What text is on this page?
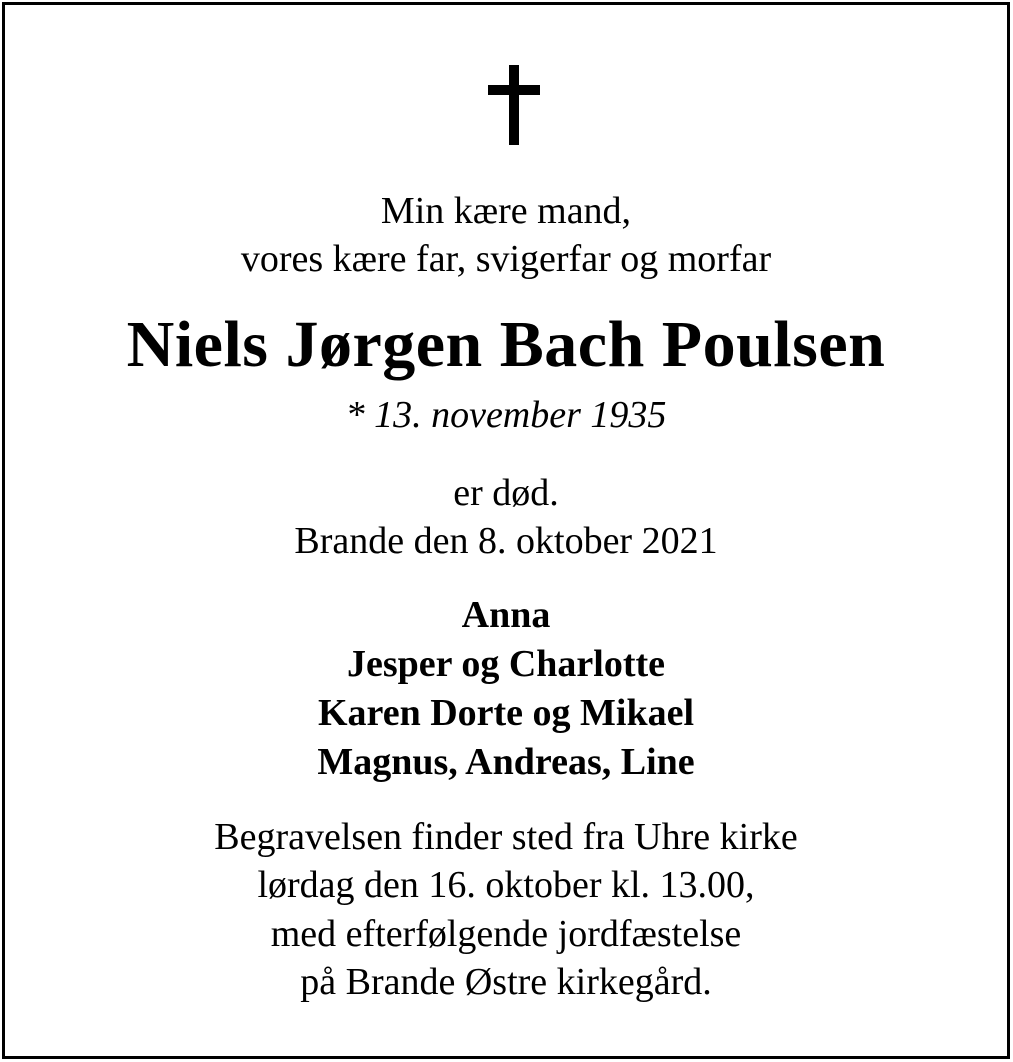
Min kære mand,
vores kære far, svigerfar og morfar
Niels Jørgen Bach Poulsen
* 13. november 1935
er død.
Brande den 8. oktober 2021
Anna
Jesper og Charlotte
Karen Dorte og Mikael
Magnus, Andreas, Line
Begravelsen finder sted fra Uhre kirke
lørdag den 16. oktober kl. 13.00,
med efterfølgende jordfæstelse
på Brande Østre kirkegård.
